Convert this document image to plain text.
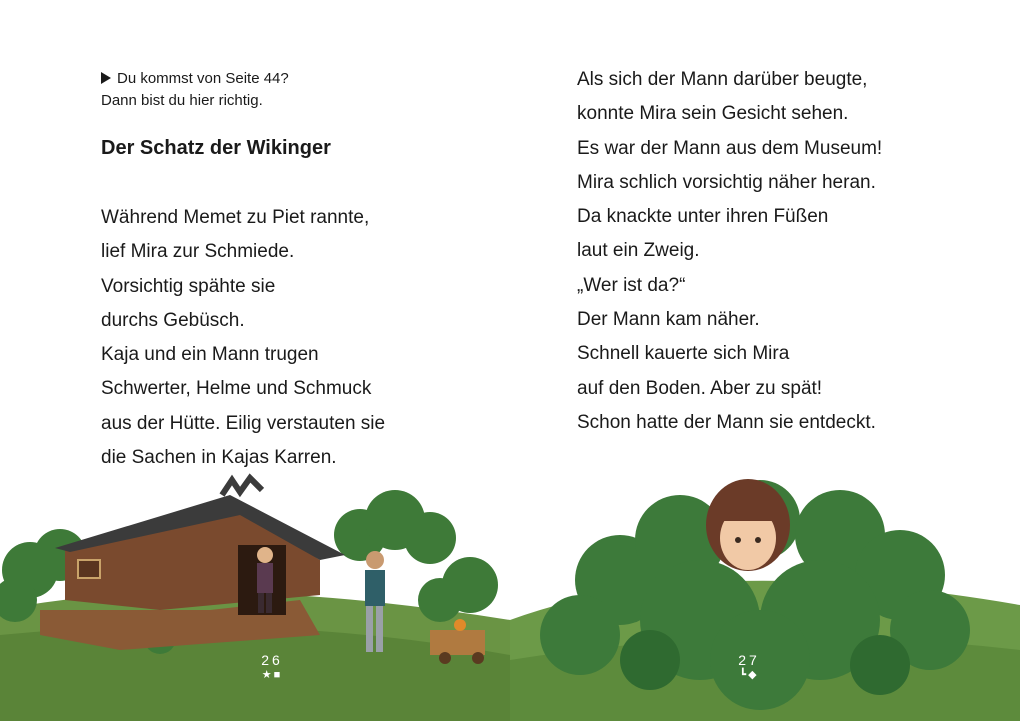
Du kommst von Seite 44?
Dann bist du hier richtig.
Der Schatz der Wikinger
Während Memet zu Piet rannte,
lief Mira zur Schmiede.
Vorsichtig spähte sie
durchs Gebüsch.
Kaja und ein Mann trugen
Schwerter, Helme und Schmuck
aus der Hütte. Eilig verstauten sie
die Sachen in Kajas Karren.
Als sich der Mann darüber beugte,
konnte Mira sein Gesicht sehen.
Es war der Mann aus dem Museum!
Mira schlich vorsichtig näher heran.
Da knackte unter ihren Füßen
laut ein Zweig.
„Wer ist da?“
Der Mann kam näher.
Schnell kauerte sich Mira
auf den Boden. Aber zu spät!
Schon hatte der Mann sie entdeckt.
26
★■
27
┗◆
